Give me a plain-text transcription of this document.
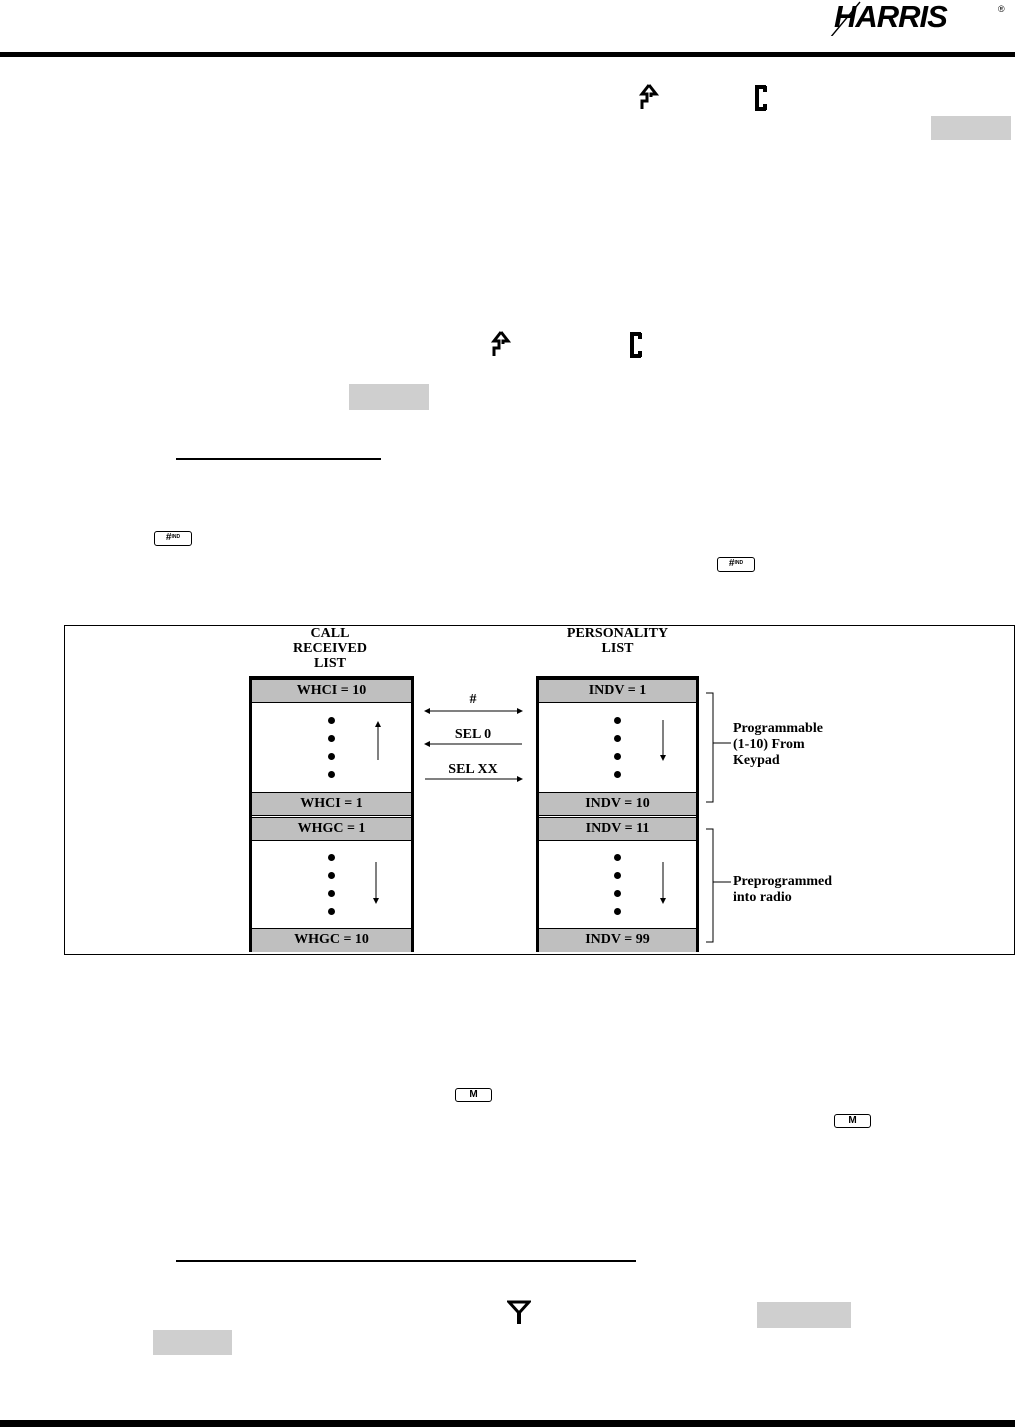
HARRIS	®
#$^{IND}$
#$^{IND}$
CALL
RECEIVED
LIST
PERSONALITY
LIST
WHCI = 10
WHCI = 1
WHGC = 1
WHGC = 10
INDV = 1
INDV = 10
INDV = 11
INDV = 99
#
SEL 0
SEL XX
Programmable
(1-10) From
Keypad
Preprogrammed
into radio
M
M
